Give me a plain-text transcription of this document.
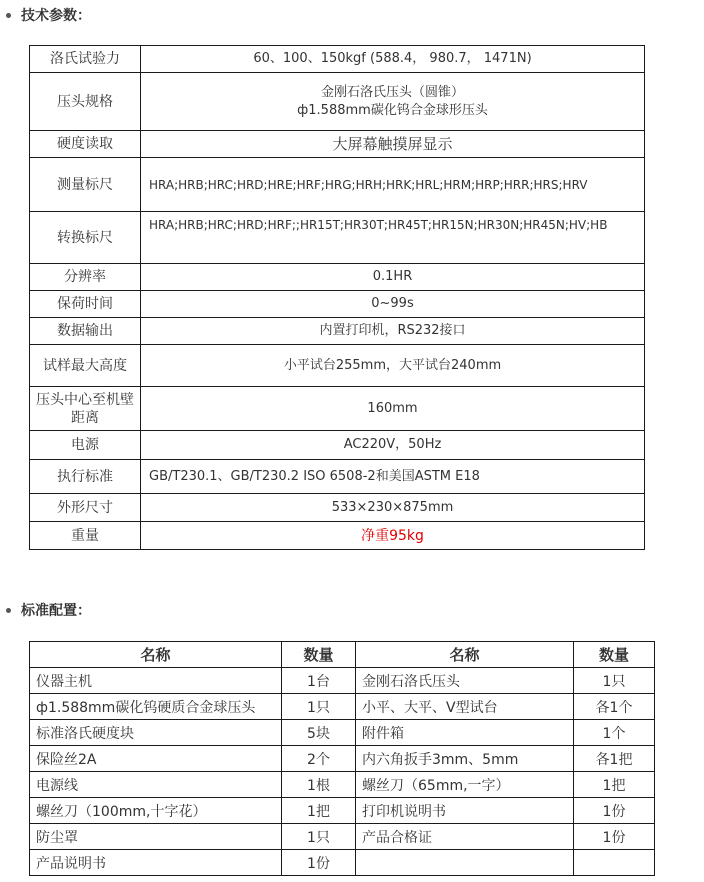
技术参数：
洛氏试验力	60、100、150kgf (588.4， 980.7， 1471N)
压头规格	金刚石洛氏压头（圆锥）
ф1.588mm碳化钨合金球形压头

硬度读取	大屏幕触摸屏显示
测量标尺	HRA;HRB;HRC;HRD;HRE;HRF;HRG;HRH;HRK;HRL;HRM;HRP;HRR;HRS;HRV
转换标尺	HRA;HRB;HRC;HRD;HRF;;HR15T;HR30T;HR45T;HR15N;HR30N;HR45N;HV;HB
分辨率	0.1HR
保荷时间	0~99s
数据输出	内置打印机，RS232接口
试样最大高度	小平试台255mm，大平试台240mm
压头中心至机壁距离	160mm
电源	AC220V，50Hz
执行标准	GB/T230.1、GB/T230.2 ISO 6508-2和美国ASTM E18
外形尺寸	533×230×875mm
重量	净重95kg
标准配置：
名称	数量	名称	数量
仪器主机	1台	金刚石洛氏压头	1只
ф1.588mm碳化钨硬质合金球压头	1只	小平、大平、V型试台	各1个
标准洛氏硬度块	5块	附件箱	1个
保险丝2A	2个	内六角扳手3mm、5mm	各1把
电源线	1根	螺丝刀（65mm,一字）	1把
螺丝刀（100mm,十字花）	1把	打印机说明书	1份
防尘罩	1只	产品合格证	1份
产品说明书	1份		
